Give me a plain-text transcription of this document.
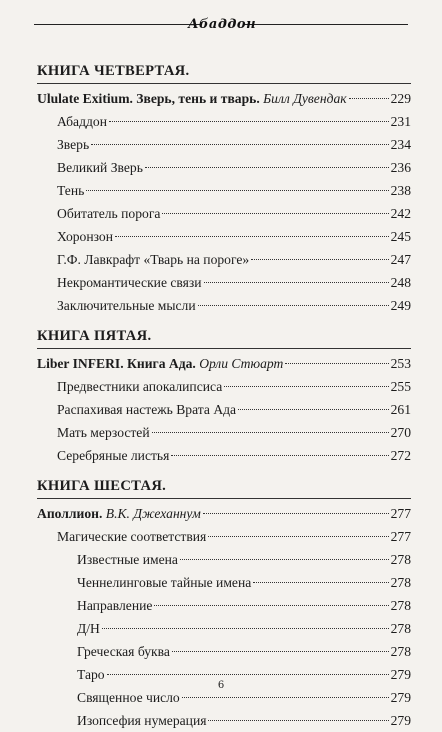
Абаддон
КНИГА ЧЕТВЕРТАЯ.
Ululate Exitium. Зверь, тень и тварь. Билл Дувендак	229
Абаддон	231
Зверь	234
Великий Зверь	236
Тень	238
Обитатель порога	242
Хоронзон	245
Г.Ф. Лавкрафт «Тварь на пороге»	247
Некромантические связи	248
Заключительные мысли	249
КНИГА ПЯТАЯ.
Liber INFERI. Книга Ада. Орли Стюарт	253
Предвестники апокалипсиса	255
Распахивая настежь Врата Ада	261
Мать мерзостей	270
Серебряные листья	272
КНИГА ШЕСТАЯ.
Аполлион. В.К. Джеханнум	277
Магические соответствия	277
Известные имена	278
Ченнелинговые тайные имена	278
Направление	278
Д/Н	278
Греческая буква	278
Таро	279
Священное число	279
Изопсефия нумерация	279
6
